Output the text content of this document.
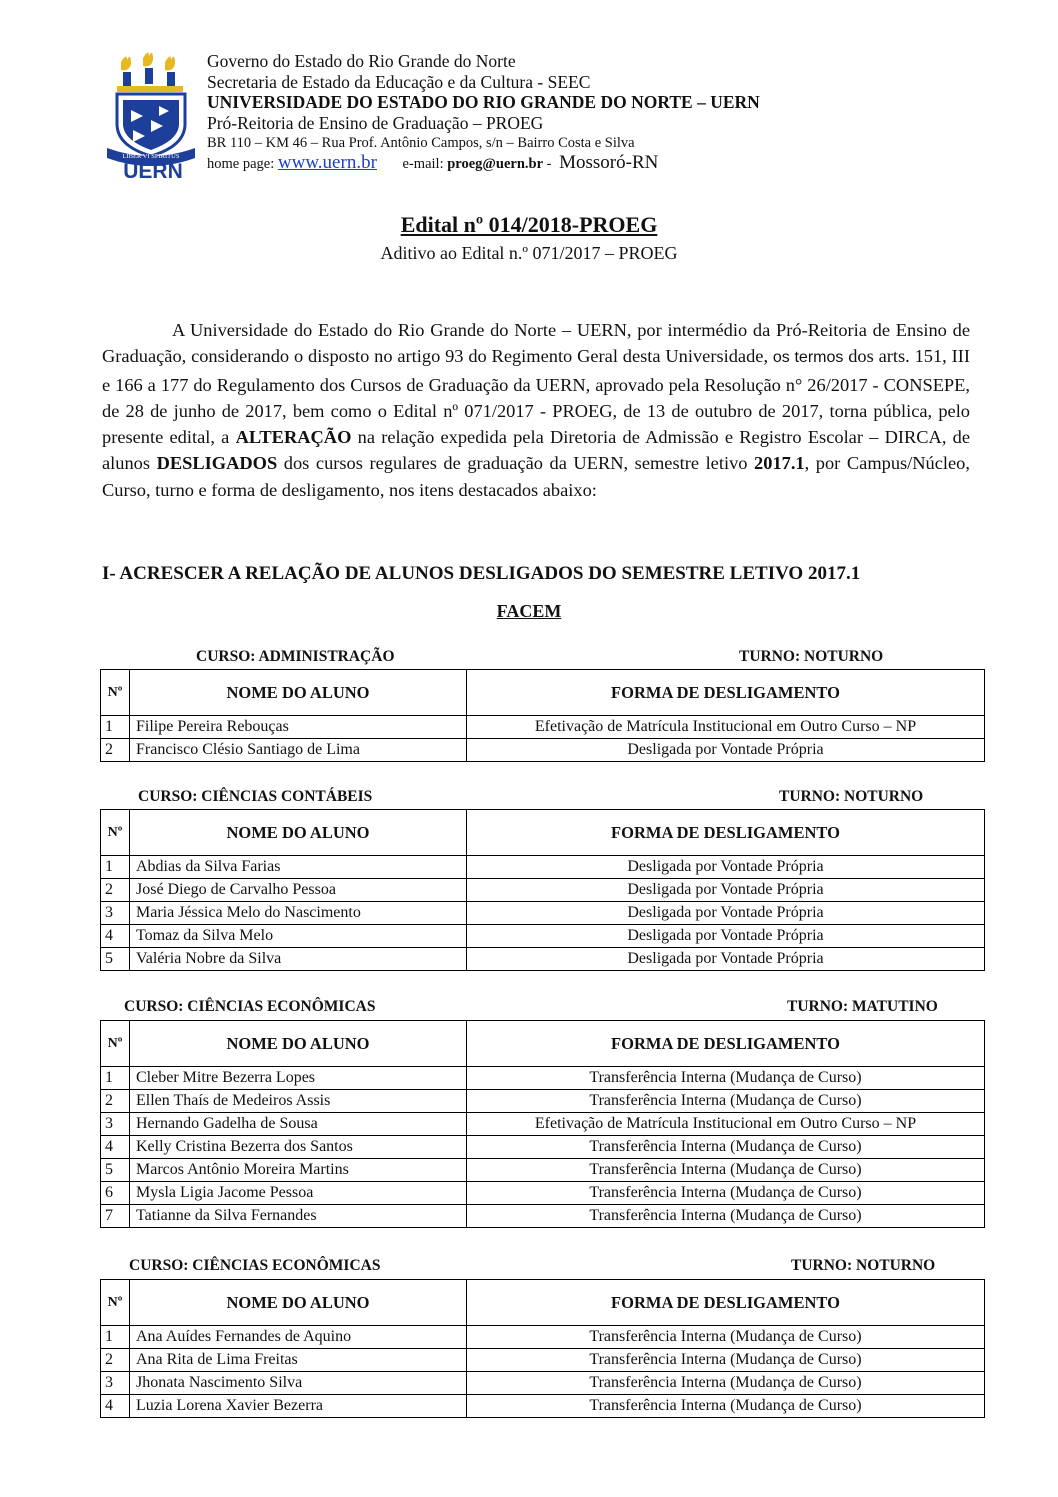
LIBER VI SPIRITUS
UERN
Governo do Estado do Rio Grande do Norte
Secretaria de Estado da Educação e da Cultura - SEEC
UNIVERSIDADE DO ESTADO DO RIO GRANDE DO NORTE – UERN
Pró-Reitoria de Ensino de Graduação – PROEG
BR 110 – KM 46 – Rua Prof. Antônio Campos, s/n – Bairro Costa e Silva
home page: www.uern.br e-mail: proeg@uern.br - Mossoró-RN
Edital nº 014/2018-PROEG
Aditivo ao Edital n.º 071/2017 – PROEG
A Universidade do Estado do Rio Grande do Norte – UERN, por intermédio da Pró-Reitoria de Ensino de Graduação, considerando o disposto no artigo 93 do Regimento Geral desta Universidade, os termos dos arts. 151, III e 166 a 177 do Regulamento dos Cursos de Graduação da UERN, aprovado pela Resolução n° 26/2017 - CONSEPE, de 28 de junho de 2017, bem como o Edital nº 071/2017 - PROEG, de 13 de outubro de 2017, torna pública, pelo presente edital, a ALTERAÇÃO na relação expedida pela Diretoria de Admissão e Registro Escolar – DIRCA, de alunos DESLIGADOS dos cursos regulares de graduação da UERN, semestre letivo 2017.1, por Campus/Núcleo, Curso, turno e forma de desligamento, nos itens destacados abaixo:
I- ACRESCER A RELAÇÃO DE ALUNOS DESLIGADOS DO SEMESTRE LETIVO 2017.1
FACEM
CURSO: ADMINISTRAÇÃO	TURNO: NOTURNO
Nº	NOME DO ALUNO	FORMA DE DESLIGAMENTO
1	Filipe Pereira Rebouças	Efetivação de Matrícula Institucional em Outro Curso – NP
2	Francisco Clésio Santiago de Lima	Desligada por Vontade Própria
CURSO: CIÊNCIAS CONTÁBEIS	TURNO: NOTURNO
Nº	NOME DO ALUNO	FORMA DE DESLIGAMENTO
1	Abdias da Silva Farias	Desligada por Vontade Própria
2	José Diego de Carvalho Pessoa	Desligada por Vontade Própria
3	Maria Jéssica Melo do Nascimento	Desligada por Vontade Própria
4	Tomaz da Silva Melo	Desligada por Vontade Própria
5	Valéria Nobre da Silva	Desligada por Vontade Própria
CURSO: CIÊNCIAS ECONÔMICAS	TURNO: MATUTINO
Nº	NOME DO ALUNO	FORMA DE DESLIGAMENTO
1	Cleber Mitre Bezerra Lopes	Transferência Interna (Mudança de Curso)
2	Ellen Thaís de Medeiros Assis	Transferência Interna (Mudança de Curso)
3	Hernando Gadelha de Sousa	Efetivação de Matrícula Institucional em Outro Curso – NP
4	Kelly Cristina Bezerra dos Santos	Transferência Interna (Mudança de Curso)
5	Marcos Antônio Moreira Martins	Transferência Interna (Mudança de Curso)
6	Mysla Ligia Jacome Pessoa	Transferência Interna (Mudança de Curso)
7	Tatianne da Silva Fernandes	Transferência Interna (Mudança de Curso)
CURSO: CIÊNCIAS ECONÔMICAS	TURNO: NOTURNO
Nº	NOME DO ALUNO	FORMA DE DESLIGAMENTO
1	Ana Auídes Fernandes de Aquino	Transferência Interna (Mudança de Curso)
2	Ana Rita de Lima Freitas	Transferência Interna (Mudança de Curso)
3	Jhonata Nascimento Silva	Transferência Interna (Mudança de Curso)
4	Luzia Lorena Xavier Bezerra	Transferência Interna (Mudança de Curso)
